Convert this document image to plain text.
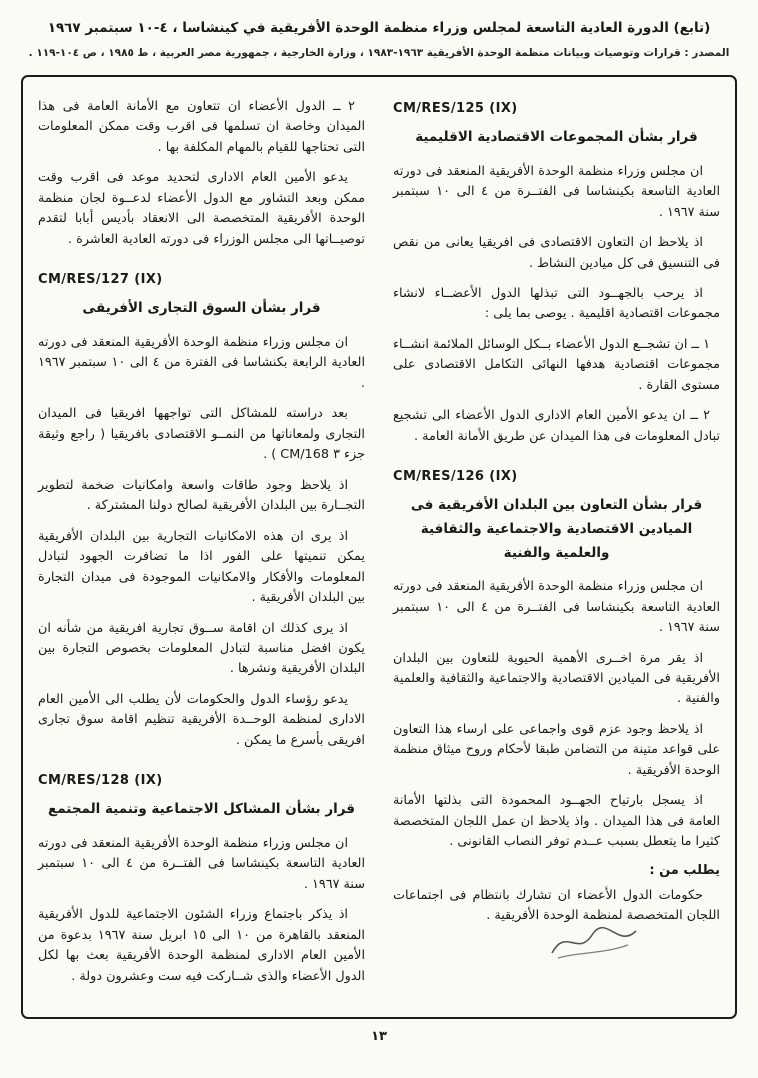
(تابع) الدورة العادية التاسعة لمجلس وزراء منظمة الوحدة الأفريقية في كينشاسا ، ٤-١٠ سبتمبر ١٩٦٧
المصدر : قرارات وتوصيات وبيانات منظمة الوحدة الأفريقية ١٩٦٣-١٩٨٣ ، وزارة الخارجية ، جمهورية مصر العربية ، ط ١٩٨٥ ، ص ١٠٤-١١٩ .
CM/RES/125 (IX)
قرار بشأن المجموعات الاقتصادية الاقليمية

ان مجلس وزراء منظمة الوحدة الأفريقية المنعقد فى دورته العادية التاسعة بكينشاسا فى الفتــرة من ٤ الى ١٠ سبتمبر سنة ١٩٦٧ .

اذ يلاحظ ان التعاون الاقتصادى فى افريقيا يعانى من نقص فى التنسيق فى كل ميادين النشاط .

اذ يرحب بالجهــود التى تبذلها الدول الأعضــاء لانشاء مجموعات اقتصادية اقليمية . يوصى بما يلى :

١ ــ ان تشجــع الدول الأعضاء بــكل الوسائل الملائمة انشــاء مجموعات اقتصادية هدفها النهائى التكامل الاقتصادى على مستوى القارة .

٢ ــ ان يدعو الأمين العام الادارى الدول الأعضاء الى تشجيع تبادل المعلومات فى هذا الميدان عن طريق الأمانة العامة .

CM/RES/126 (IX)
قرار بشأن التعاون بين البلدان الأفريقية فى الميادين الاقتصادية والاجتماعية والثقافية والعلمية والفنية

ان مجلس وزراء منظمة الوحدة الأفريقية المنعقد فى دورته العادية التاسعة بكينشاسا فى الفتــرة من ٤ الى ١٠ سبتمبر سنة ١٩٦٧ .

اذ يقر مرة اخــرى الأهمية الحيوية للتعاون بين البلدان الأفريقية فى الميادين الاقتصادية والاجتماعية والثقافية والعلمية والفنية .

اذ يلاحظ وجود عزم قوى واجماعى على ارساء هذا التعاون على قواعد متينة من التضامن طبقا لأحكام وروح ميثاق منظمة الوحدة الأفريقية .

اذ يسجل بارتياح الجهــود المحمودة التى بذلتها الأمانة العامة فى هذا الميدان . واذ يلاحظ ان عمل اللجان المتخصصة كثيرا ما يتعطل بسبب عــدم توفر النصاب القانونى .

يطلب من :

حكومات الدول الأعضاء ان تشارك بانتظام فى اجتماعات اللجان المتخصصة لمنظمة الوحدة الأفريقية .

٢ ــ الدول الأعضاء ان تتعاون مع الأمانة العامة فى هذا الميدان وخاصة ان تسلمها فى اقرب وقت ممكن المعلومات التى تحتاجها للقيام بالمهام المكلفة بها .

يدعو الأمين العام الادارى لتحديد موعد فى اقرب وقت ممكن وبعد التشاور مع الدول الأعضاء لدعــوة لجان منظمة الوحدة الأفريقية المتخصصة الى الانعقاد بأديس أبابا لتقدم توصيــاتها الى مجلس الوزراء فى دورته العادية العاشرة .

CM/RES/127 (IX)
قرار بشأن السوق التجارى الأفريقى

ان مجلس وزراء منظمة الوحدة الأفريقية المنعقد فى دورته العادية الرابعة بكنشاسا فى الفترة من ٤ الى ١٠ سبتمبر ١٩٦٧ .

بعد دراسته للمشاكل التى تواجهها افريقيا فى الميدان التجارى ولمعاناتها من النمــو الاقتصادى بافريقيا ( راجع وثيقة جزء ٣ CM/168 ) .

اذ يلاحظ وجود طاقات واسعة وامكانيات ضخمة لتطوير التجــارة بين البلدان الأفريقية لصالح دولنا المشتركة .

اذ يرى ان هذه الامكانيات التجارية بين البلدان الأفريقية يمكن تنميتها على الفور اذا ما تضافرت الجهود لتبادل المعلومات والأفكار والامكانيات الموجودة فى ميدان التجارة بين البلدان الأفريقية .

اذ يرى كذلك ان اقامة ســوق تجارية افريقية من شأنه ان يكون افضل مناسبة لتبادل المعلومات بخصوص التجارة بين البلدان الأفريقية ونشرها .

يدعو رؤساء الدول والحكومات لأن يطلب الى الأمين العام الادارى لمنظمة الوحــدة الأفريقية تنظيم اقامة سوق تجارى افريقى بأسرع ما يمكن .

CM/RES/128 (IX)
قرار بشأن المشاكل الاجتماعية وتنمية المجتمع

ان مجلس وزراء منظمة الوحدة الأفريقية المنعقد فى دورته العادية التاسعة بكينشاسا فى الفتــرة من ٤ الى ١٠ سبتمبر سنة ١٩٦٧ .

اذ يذكر باجتماع وزراء الشئون الاجتماعية للدول الأفريقية المنعقد بالقاهرة من ١٠ الى ١٥ ابريل سنة ١٩٦٧ بدعوة من الأمين العام الادارى لمنظمة الوحدة الأفريقية بعث بها لكل الدول الأعضاء والذى شــاركت فيه ست وعشرون دولة .

١٣
